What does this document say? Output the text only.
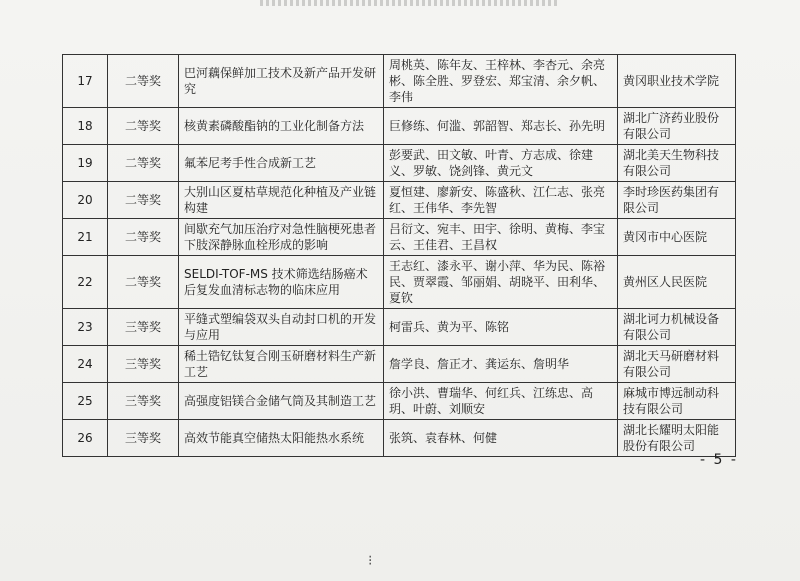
17	二等奖	巴河藕保鲜加工技术及新产品开发研究	周桃英、陈年友、王梓林、李杏元、余亮彬、陈全胜、罗登宏、郑宝清、余夕帆、李伟	黄冈职业技术学院
18	二等奖	核黄素磷酸酯钠的工业化制备方法	巨修练、何滥、郭韶智、郑志长、孙先明	湖北广济药业股份有限公司
19	二等奖	氟苯尼考手性合成新工艺	彭要武、田文敏、叶青、方志成、徐建义、罗敏、饶剑锋、黄元文	湖北美天生物科技有限公司
20	二等奖	大别山区夏枯草规范化种植及产业链构建	夏恒建、廖新安、陈盛秋、江仁志、张亮红、王伟华、李先智	李时珍医药集团有限公司
21	二等奖	间歇充气加压治疗对急性脑梗死患者下肢深静脉血栓形成的影响	吕衍文、宛丰、田宇、徐明、黄梅、李宝云、王佳君、王昌权	黄冈市中心医院
22	二等奖	SELDI-TOF-MS 技术筛选结肠癌术后复发血清标志物的临床应用	王志红、漆永平、谢小萍、华为民、陈裕民、贾翠霞、邹丽娟、胡晓平、田利华、夏钦	黄州区人民医院
23	三等奖	平缝式塑编袋双头自动封口机的开发与应用	柯雷兵、黄为平、陈铭	湖北诃力机械设备有限公司
24	三等奖	稀土锆钇钛复合刚玉研磨材料生产新工艺	詹学良、詹正才、龚运东、詹明华	湖北天马研磨材料有限公司
25	三等奖	高强度铝镁合金储气筒及其制造工艺	徐小洪、曹瑞华、何红兵、江练忠、高玥、叶蔚、刘顺安	麻城市博远制动科技有限公司
26	三等奖	高效节能真空储热太阳能热水系统	张筑、袁春林、何健	湖北长耀明太阳能股份有限公司
- 5 -
⁝
